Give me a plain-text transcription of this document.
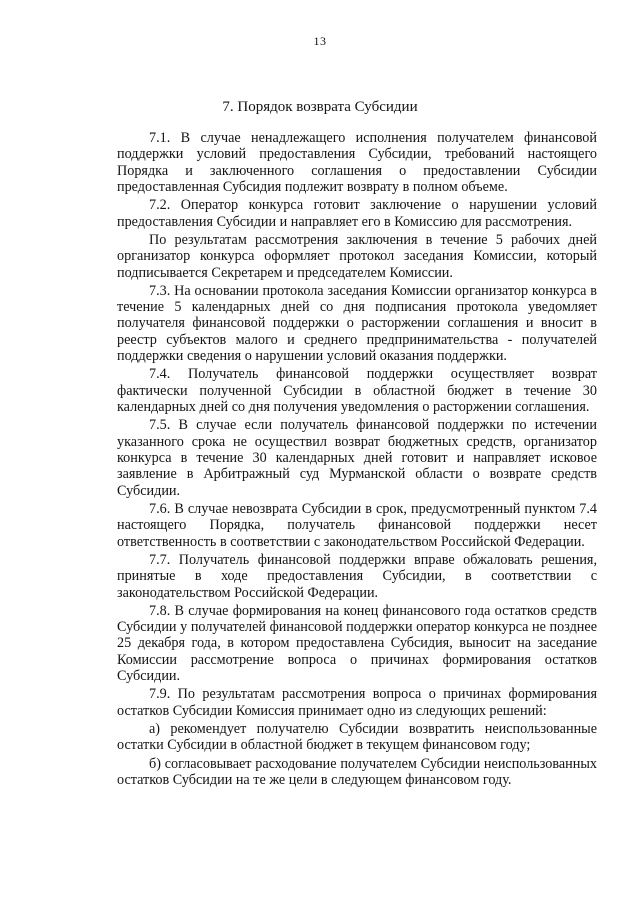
13
7. Порядок возврата Субсидии

7.1. В случае ненадлежащего исполнения получателем финансовой поддержки условий предоставления Субсидии, требований настоящего Порядка и заключенного соглашения о предоставлении Субсидии предоставленная Субсидия подлежит возврату в полном объеме.

7.2. Оператор конкурса готовит заключение о нарушении условий предоставления Субсидии и направляет его в Комиссию для рассмотрения.

По результатам рассмотрения заключения в течение 5 рабочих дней организатор конкурса оформляет протокол заседания Комиссии, который подписывается Секретарем и председателем Комиссии.

7.3. На основании протокола заседания Комиссии организатор конкурса в течение 5 календарных дней со дня подписания протокола уведомляет получателя финансовой поддержки о расторжении соглашения и вносит в реестр субъектов малого и среднего предпринимательства - получателей поддержки сведения о нарушении условий оказания поддержки.

7.4. Получатель финансовой поддержки осуществляет возврат фактически полученной Субсидии в областной бюджет в течение 30 календарных дней со дня получения уведомления о расторжении соглашения.

7.5. В случае если получатель финансовой поддержки по истечении указанного срока не осуществил возврат бюджетных средств, организатор конкурса в течение 30 календарных дней готовит и направляет исковое заявление в Арбитражный суд Мурманской области о возврате средств Субсидии.

7.6. В случае невозврата Субсидии в срок, предусмотренный пунктом 7.4 настоящего Порядка, получатель финансовой поддержки несет ответственность в соответствии с законодательством Российской Федерации.

7.7. Получатель финансовой поддержки вправе обжаловать решения, принятые в ходе предоставления Субсидии, в соответствии с законодательством Российской Федерации.

7.8. В случае формирования на конец финансового года остатков средств Субсидии у получателей финансовой поддержки оператор конкурса не позднее 25 декабря года, в котором предоставлена Субсидия, выносит на заседание Комиссии рассмотрение вопроса о причинах формирования остатков Субсидии.

7.9. По результатам рассмотрения вопроса о причинах формирования остатков Субсидии Комиссия принимает одно из следующих решений:

а) рекомендует получателю Субсидии возвратить неиспользованные остатки Субсидии в областной бюджет в текущем финансовом году;

б) согласовывает расходование получателем Субсидии неиспользованных остатков Субсидии на те же цели в следующем финансовом году.
